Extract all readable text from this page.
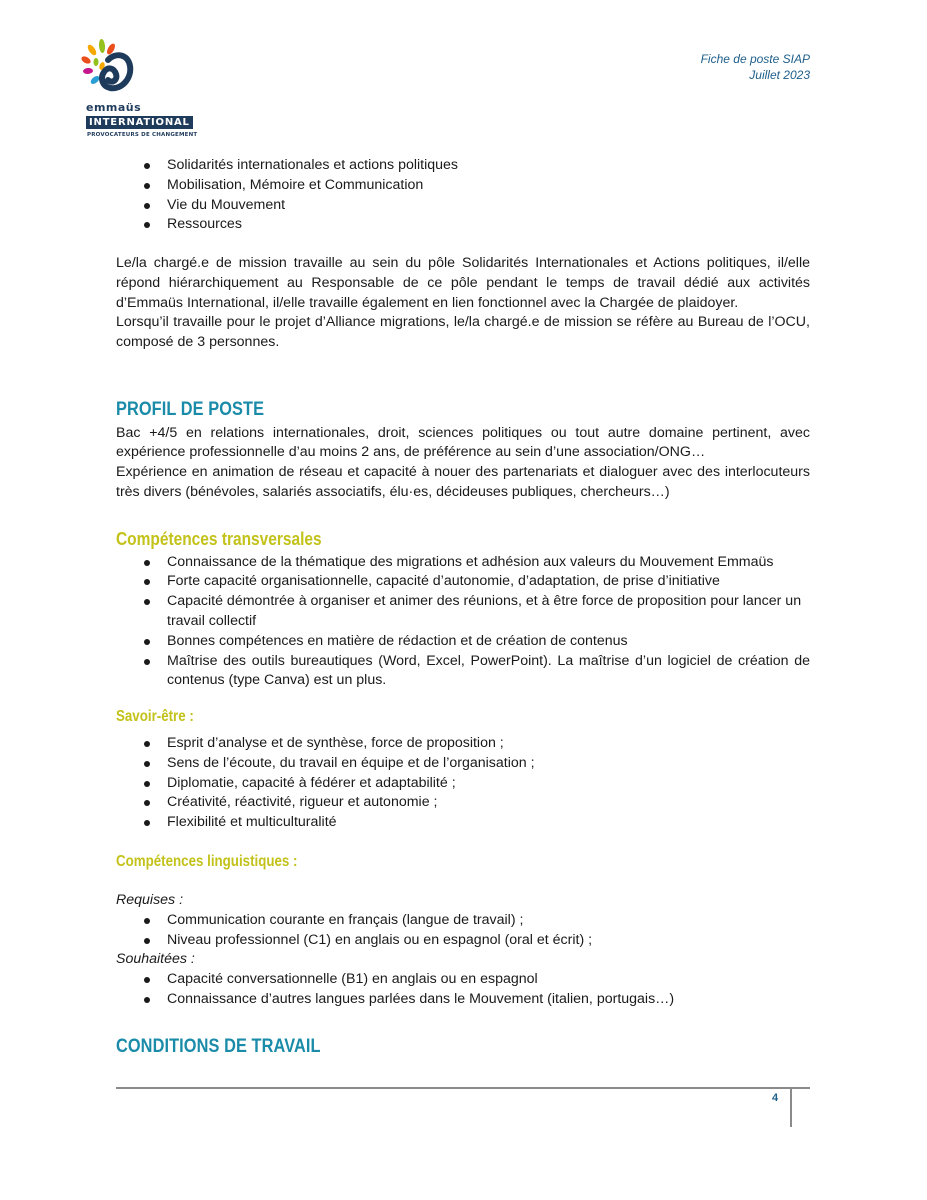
emmaüs
INTERNATIONAL
PROVOCATEURS DE CHANGEMENT
Fiche de poste SIAP
Juillet 2023
Solidarités internationales et actions politiques
Mobilisation, Mémoire et Communication
Vie du Mouvement
Ressources

Le/la chargé.e de mission travaille au sein du pôle Solidarités Internationales et Actions politiques, il/elle répond hiérarchiquement au Responsable de ce pôle pendant le temps de travail dédié aux activités d’Emmaüs International, il/elle travaille également en lien fonctionnel avec la Chargée de plaidoyer.

Lorsqu’il travaille pour le projet d’Alliance migrations, le/la chargé.e de mission se réfère au Bureau de l’OCU, composé de 3 personnes.

PROFIL DE POSTE

Bac +4/5 en relations internationales, droit, sciences politiques ou tout autre domaine pertinent, avec expérience professionnelle d’au moins 2 ans, de préférence au sein d’une association/ONG…

Expérience en animation de réseau et capacité à nouer des partenariats et dialoguer avec des interlocuteurs très divers (bénévoles, salariés associatifs, élu·es, décideuses publiques, chercheurs…)

Compétences transversales
Connaissance de la thématique des migrations et adhésion aux valeurs du Mouvement Emmaüs
Forte capacité organisationnelle, capacité d’autonomie, d’adaptation, de prise d’initiative
Capacité démontrée à organiser et animer des réunions, et à être force de proposition pour lancer un travail collectif
Bonnes compétences en matière de rédaction et de création de contenus
Maîtrise des outils bureautiques (Word, Excel, PowerPoint). La maîtrise d’un logiciel de création de contenus (type Canva) est un plus.
Savoir-être :
Esprit d’analyse et de synthèse, force de proposition ;
Sens de l’écoute, du travail en équipe et de l’organisation ;
Diplomatie, capacité à fédérer et adaptabilité ;
Créativité, réactivité, rigueur et autonomie ;
Flexibilité et multiculturalité
Compétences linguistiques :

Requises :

Communication courante en français (langue de travail) ;
Niveau professionnel (C1) en anglais ou en espagnol (oral et écrit) ;

Souhaitées :

Capacité conversationnelle (B1) en anglais ou en espagnol
Connaissance d’autres langues parlées dans le Mouvement (italien, portugais…)
CONDITIONS DE TRAVAIL
4
